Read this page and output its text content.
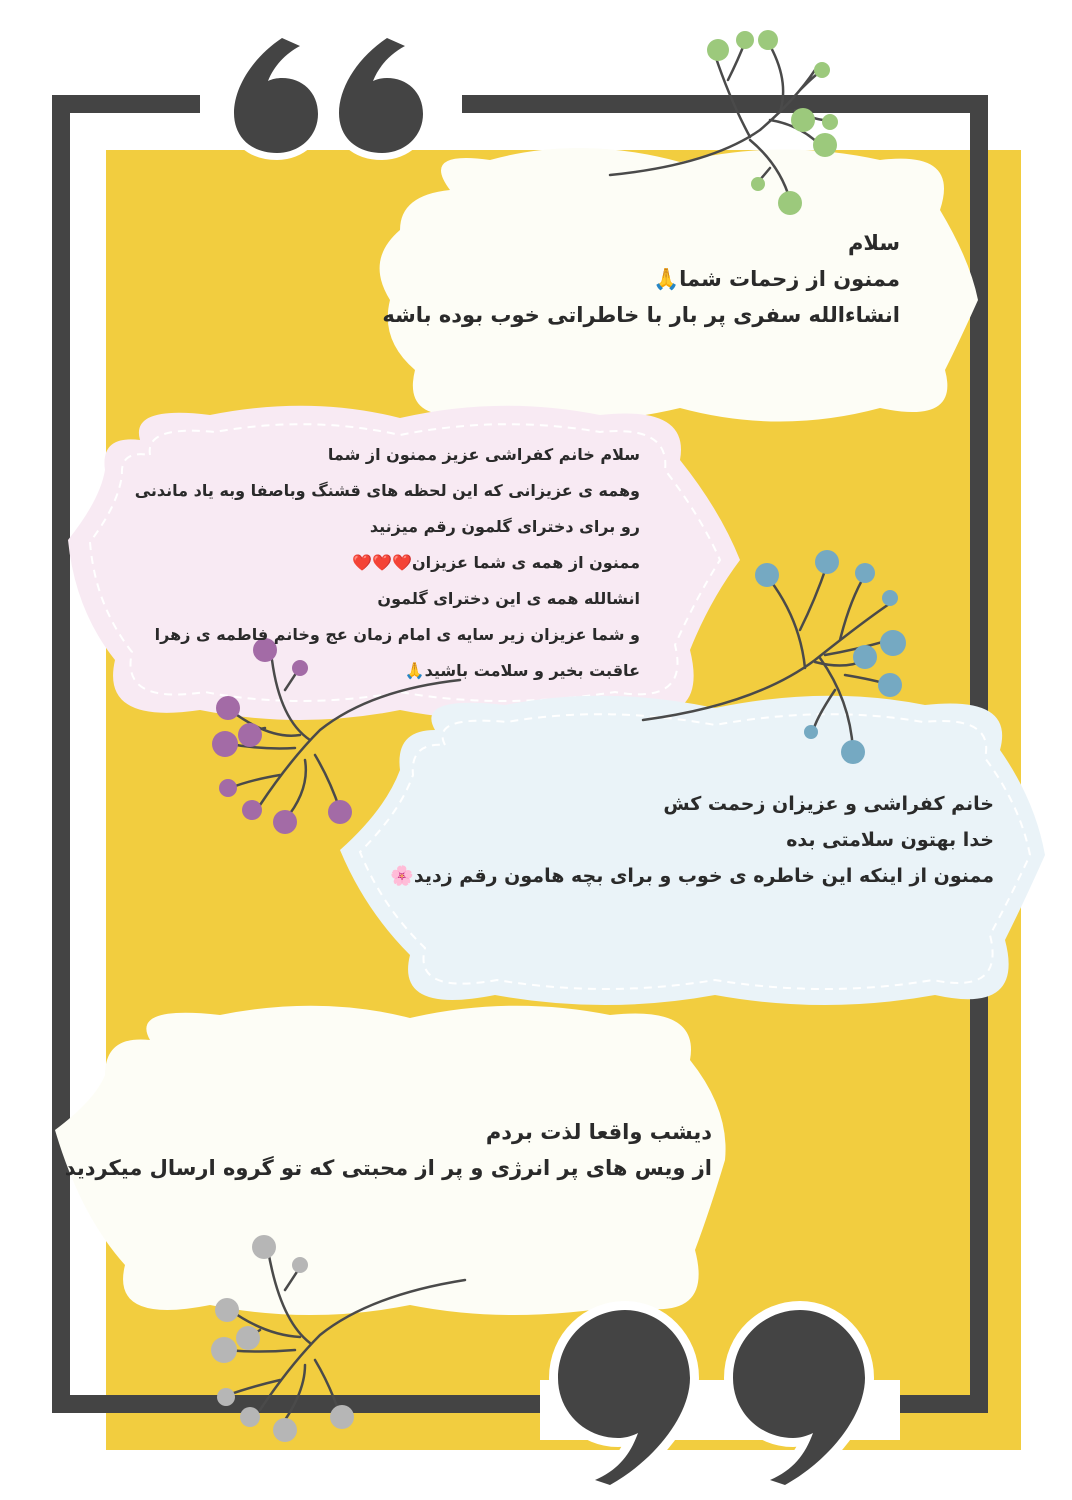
سلام
ممنون از زحمات شما🙏
انشاءالله سفری پر بار با خاطراتی خوب بوده باشه
سلام خانم کفراشی عزیز ممنون از شما
وهمه ی عزیزانی که این لحظه های قشنگ وباصفا وبه یاد ماندنی
رو برای دخترای گلمون رقم میزنید
ممنون از همه ی شما عزیزان❤️❤️❤️
انشالله همه ی این دخترای گلمون
و شما عزیزان زیر سایه ی امام زمان عج وخانم فاطمه ی زهرا
عاقبت بخیر و سلامت باشید🙏
خانم کفراشی و عزیزان زحمت کش
خدا بهتون سلامتی بده
ممنون از اینکه این خاطره ی خوب و برای بچه هامون رقم زدید🌸
دیشب واقعا لذت بردم
از ویس های پر انرژی و پر از محبتی که تو گروه ارسال میکردید
